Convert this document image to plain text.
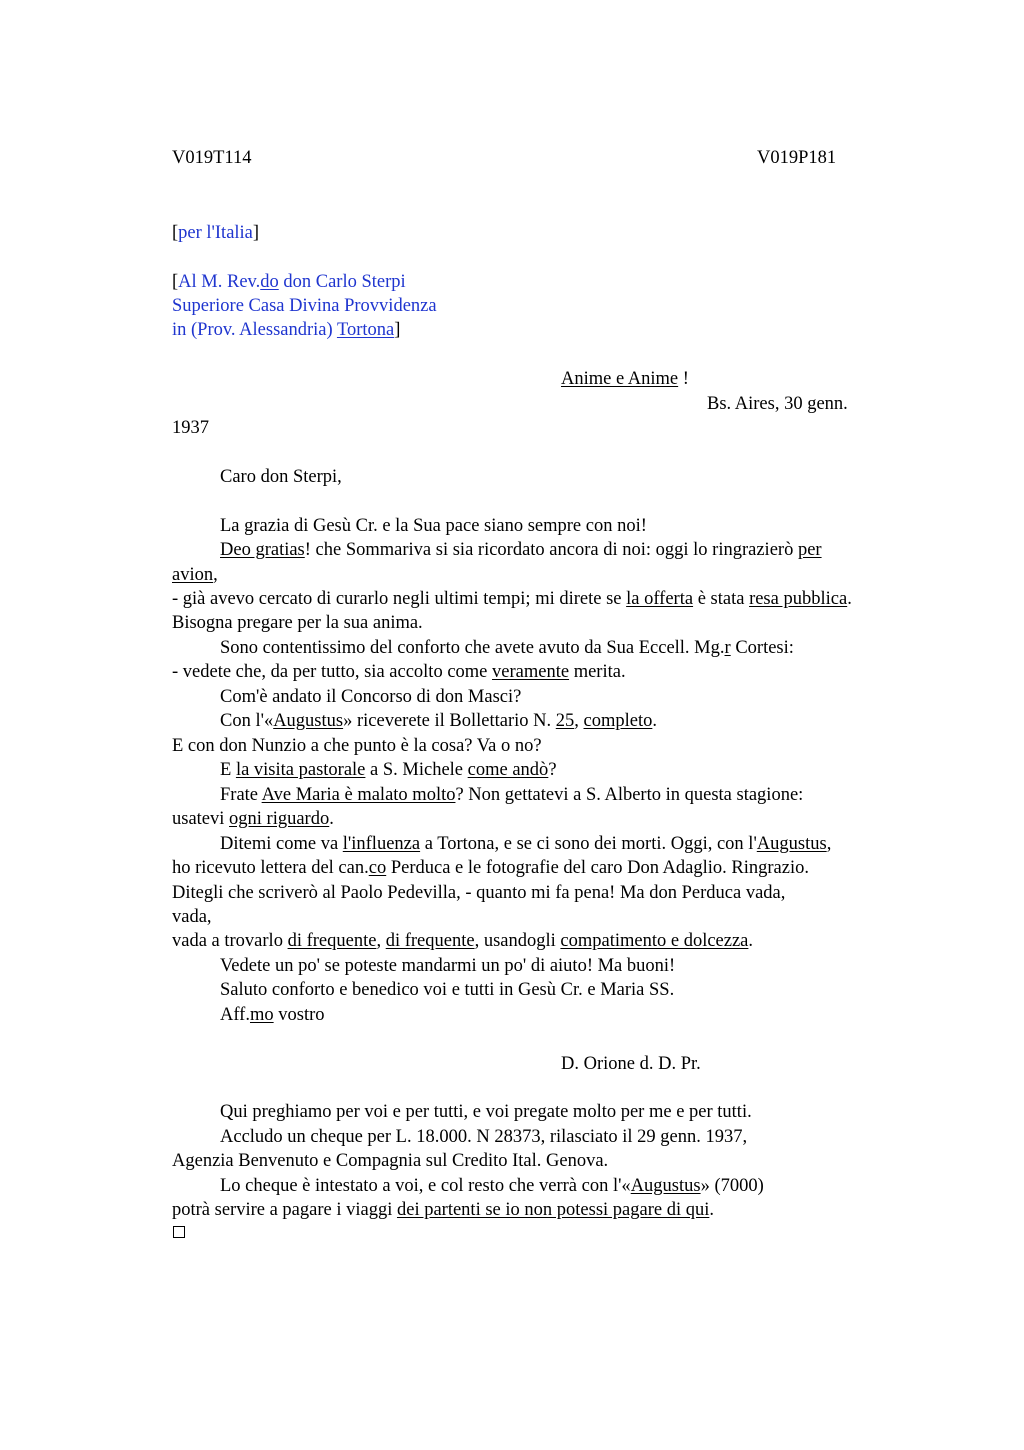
V019T114	V019P181
[per l'Italia]
[Al M. Rev.do don Carlo Sterpi
Superiore Casa Divina Provvidenza
in (Prov. Alessandria) Tortona]
Anime e Anime !
Bs. Aires, 30 genn.
1937
Caro don Sterpi,
La grazia di Gesù Cr. e la Sua pace siano sempre con noi!
Deo gratias! che Sommariva si sia ricordato ancora di noi: oggi lo ringrazierò per
avion,
- già avevo cercato di curarlo negli ultimi tempi; mi direte se la offerta è stata resa pubblica.
Bisogna pregare per la sua anima.
Sono contentissimo del conforto che avete avuto da Sua Eccell. Mg.r Cortesi:
- vedete che, da per tutto, sia accolto come veramente merita.
Com'è andato il Concorso di don Masci?
Con l'«Augustus» riceverete il Bollettario N. 25, completo.
E con don Nunzio a che punto è la cosa? Va o no?
E la visita pastorale a S. Michele come andò?
Frate Ave Maria è malato molto? Non gettatevi a S. Alberto in questa stagione:
usatevi ogni riguardo.
Ditemi come va l'influenza a Tortona, e se ci sono dei morti. Oggi, con l'Augustus,
ho ricevuto lettera del can.co Perduca e le fotografie del caro Don Adaglio. Ringrazio.
Ditegli che scriverò al Paolo Pedevilla, - quanto mi fa pena! Ma don Perduca vada,
vada,
vada a trovarlo di frequente, di frequente, usandogli compatimento e dolcezza.
Vedete un po' se poteste mandarmi un po' di aiuto! Ma buoni!
Saluto conforto e benedico voi e tutti in Gesù Cr. e Maria SS.
Aff.mo vostro
D. Orione d. D. Pr.
Qui preghiamo per voi e per tutti, e voi pregate molto per me e per tutti.
Accludo un cheque per L. 18.000. N 28373, rilasciato il 29 genn. 1937,
Agenzia Benvenuto e Compagnia sul Credito Ital. Genova.
Lo cheque è intestato a voi, e col resto che verrà con l'«Augustus» (7000)
potrà servire a pagare i viaggi dei partenti se io non potessi pagare di qui.
